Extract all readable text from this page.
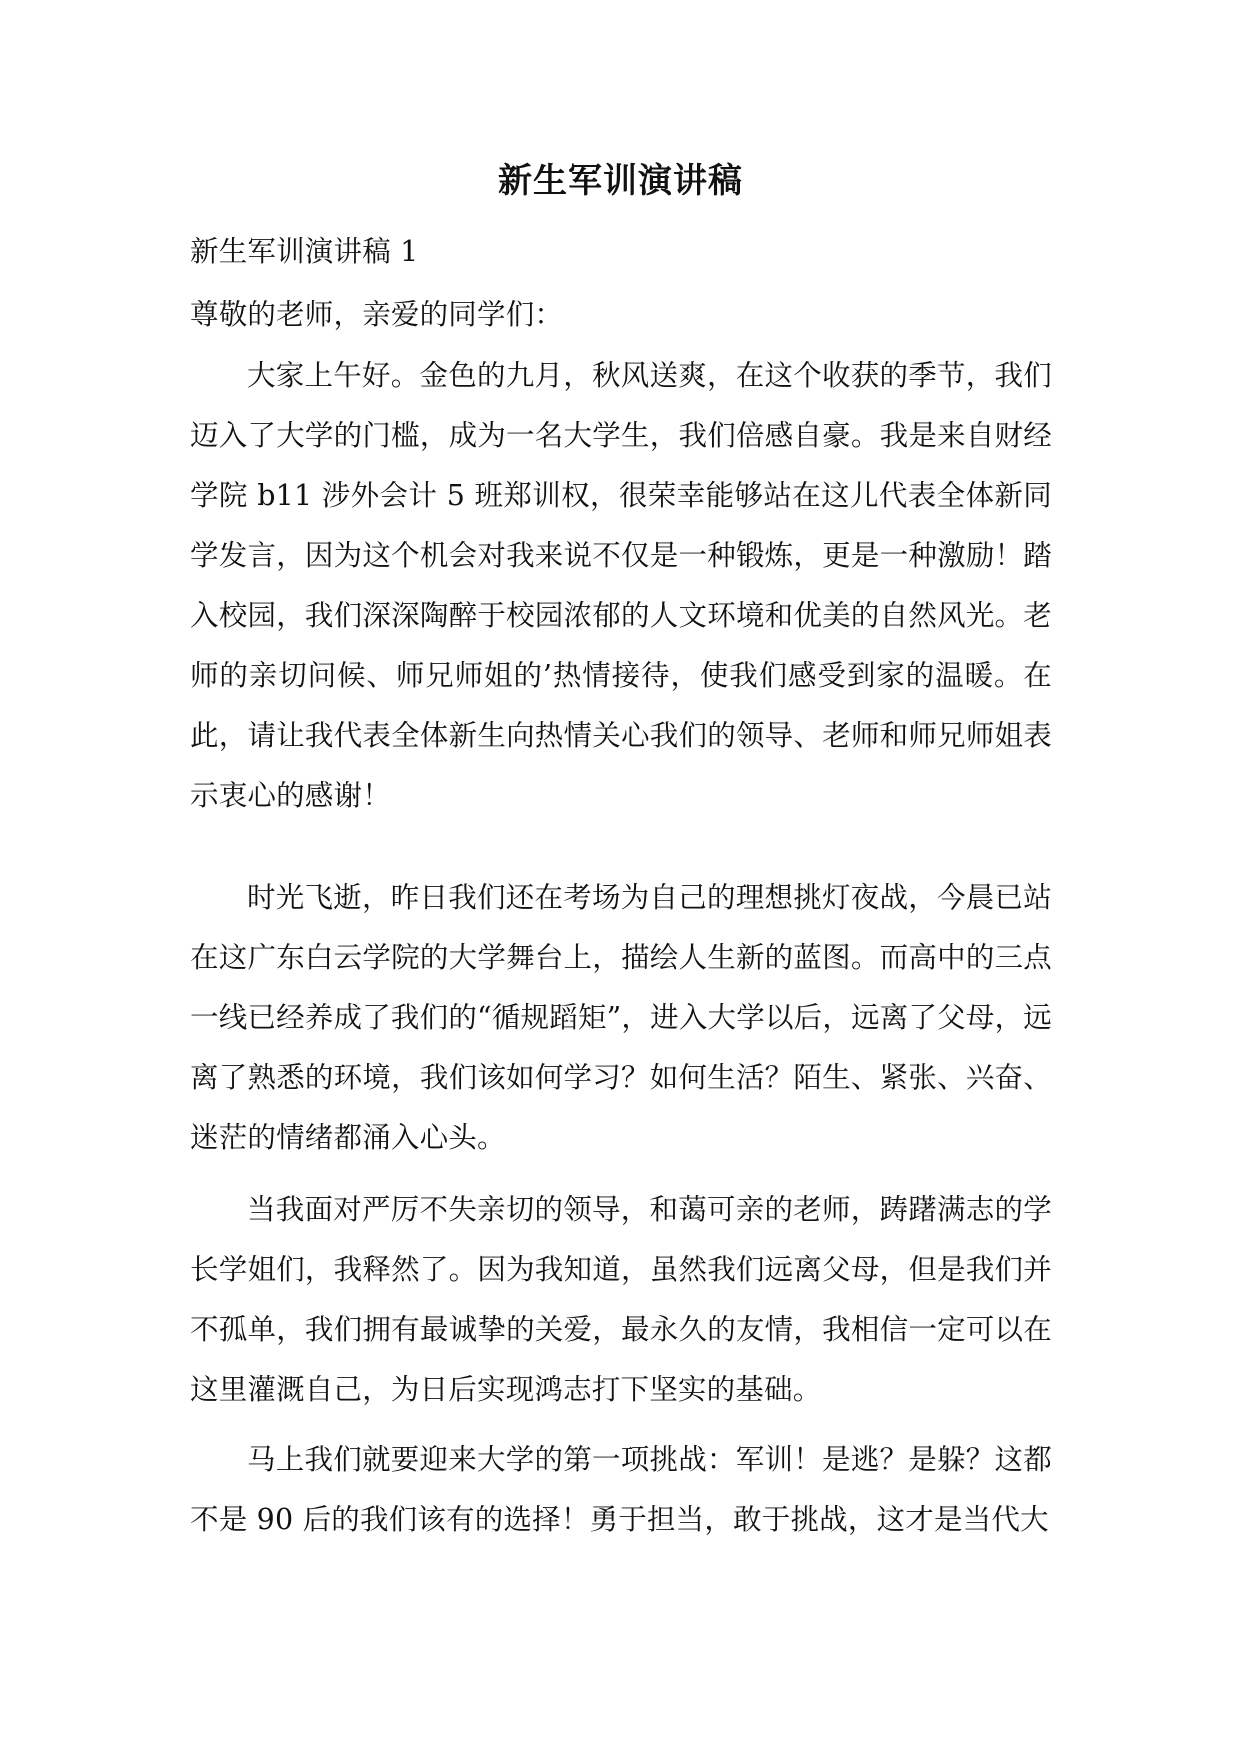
新生军训演讲稿
新生军训演讲稿 1
尊敬的老师，亲爱的同学们：
大家上午好。金色的九月，秋风送爽，在这个收获的季节，我们迈入了大学的门槛，成为一名大学生，我们倍感自豪。我是来自财经学院 b11 涉外会计 5 班郑训权，很荣幸能够站在这儿代表全体新同学发言，因为这个机会对我来说不仅是一种锻炼，更是一种激励！踏入校园，我们深深陶醉于校园浓郁的人文环境和优美的自然风光。老师的亲切问候、师兄师姐的’热情接待，使我们感受到家的温暖。在此，请让我代表全体新生向热情关心我们的领导、老师和师兄师姐表示衷心的感谢！
时光飞逝，昨日我们还在考场为自己的理想挑灯夜战，今晨已站在这广东白云学院的大学舞台上，描绘人生新的蓝图。而高中的三点一线已经养成了我们的“循规蹈矩”，进入大学以后，远离了父母，远离了熟悉的环境，我们该如何学习？如何生活？陌生、紧张、兴奋、迷茫的情绪都涌入心头。
当我面对严厉不失亲切的领导，和蔼可亲的老师，踌躇满志的学长学姐们，我释然了。因为我知道，虽然我们远离父母，但是我们并不孤单，我们拥有最诚挚的关爱，最永久的友情，我相信一定可以在这里灌溉自己，为日后实现鸿志打下坚实的基础。
马上我们就要迎来大学的第一项挑战：军训！是逃？是躲？这都不是 90 后的我们该有的选择！勇于担当，敢于挑战，这才是当代大
